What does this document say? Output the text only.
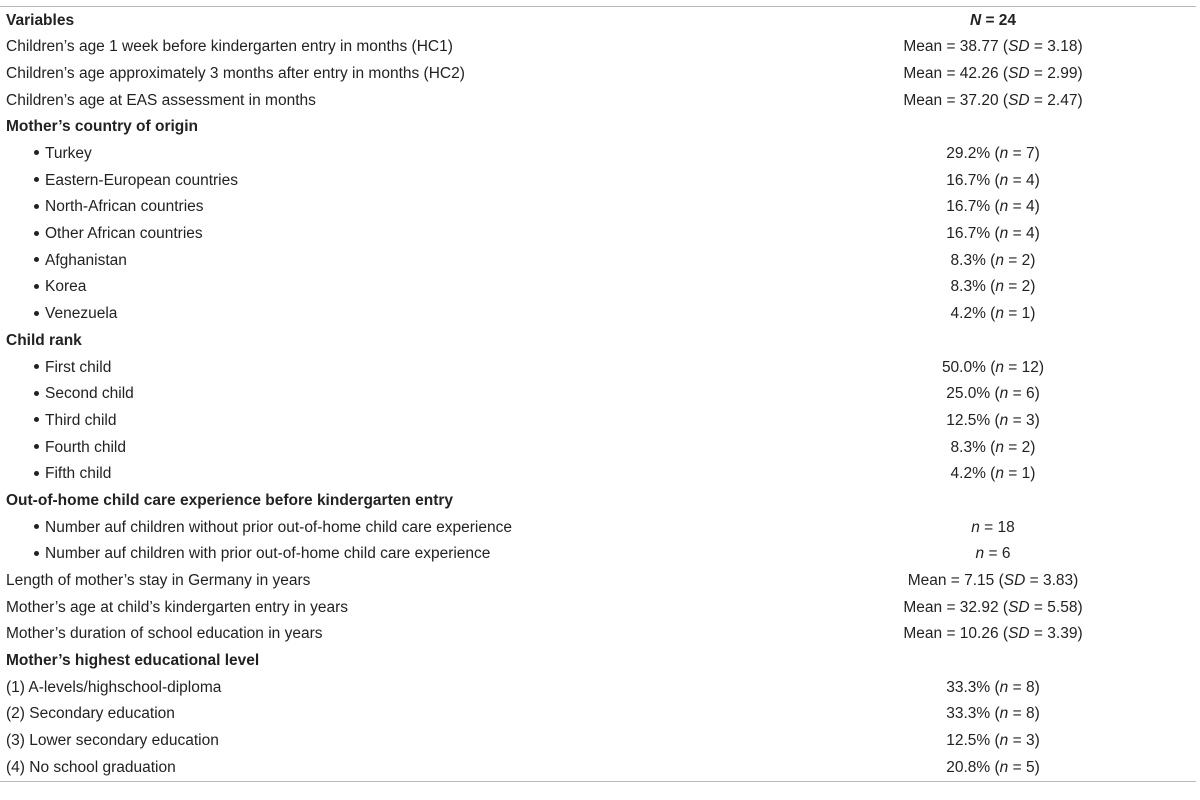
Variables	N = 24
Children’s age 1 week before kindergarten entry in months (HC1)	Mean = 38.77 (SD = 3.18)
Children’s age approximately 3 months after entry in months (HC2)	Mean = 42.26 (SD = 2.99)
Children’s age at EAS assessment in months	Mean = 37.20 (SD = 2.47)
Mother’s country of origin	
Turkey	29.2% (n = 7)
Eastern-European countries	16.7% (n = 4)
North-African countries	16.7% (n = 4)
Other African countries	16.7% (n = 4)
Afghanistan	8.3% (n = 2)
Korea	8.3% (n = 2)
Venezuela	4.2% (n = 1)
Child rank	
First child	50.0% (n = 12)
Second child	25.0% (n = 6)
Third child	12.5% (n = 3)
Fourth child	8.3% (n = 2)
Fifth child	4.2% (n = 1)
Out-of-home child care experience before kindergarten entry	
Number auf children without prior out-of-home child care experience	n = 18
Number auf children with prior out-of-home child care experience	n = 6
Length of mother’s stay in Germany in years	Mean = 7.15 (SD = 3.83)
Mother’s age at child’s kindergarten entry in years	Mean = 32.92 (SD = 5.58)
Mother’s duration of school education in years	Mean = 10.26 (SD = 3.39)
Mother’s highest educational level	
(1) A-levels/highschool-diploma	33.3% (n = 8)
(2) Secondary education	33.3% (n = 8)
(3) Lower secondary education	12.5% (n = 3)
(4) No school graduation	20.8% (n = 5)
